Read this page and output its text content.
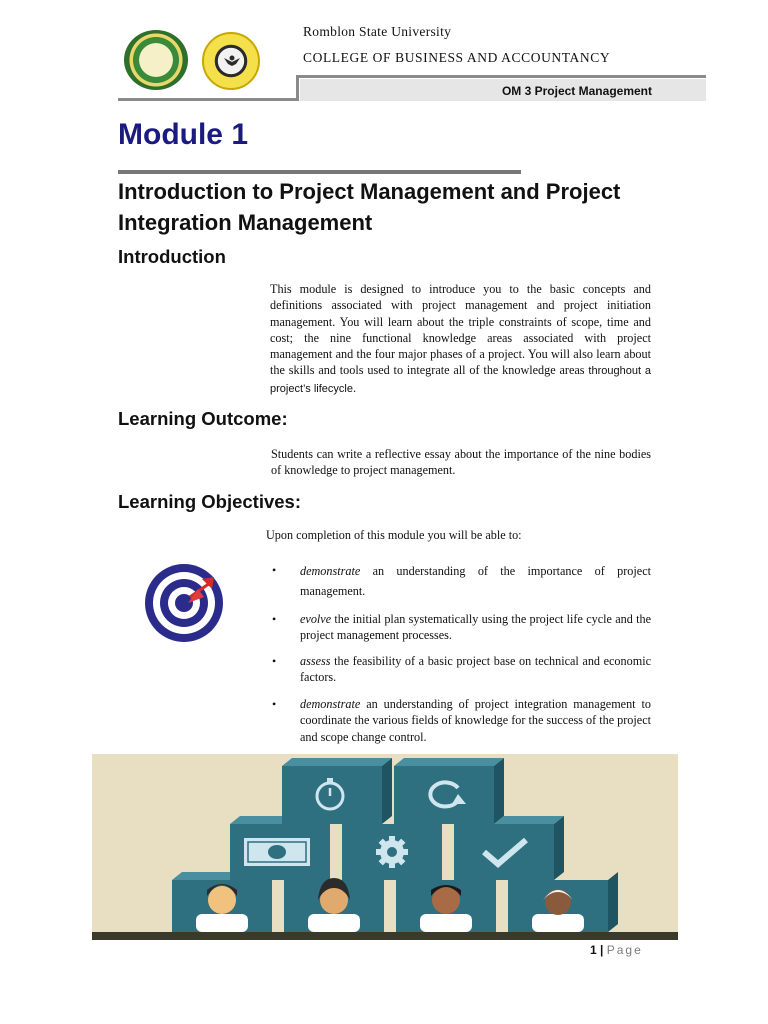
Romblon State University
COLLEGE OF BUSINESS AND ACCOUNTANCY
OM 3 Project Management
Module 1
Introduction to Project Management and Project Integration Management
Introduction
This module is designed to introduce you to the basic concepts and definitions associated with project management and project initiation management. You will learn about the triple constraints of scope, time and cost; the nine functional knowledge areas associated with project management and the four major phases of a project. You will also learn about the skills and tools used to integrate all of the knowledge areas throughout a project’s lifecycle.
Learning Outcome:
Students can write a reflective essay about the importance of the nine bodies of knowledge to project management.
Learning Objectives:
Upon completion of this module you will be able to:
• demonstrate an understanding of the importance of project management.
• evolve the initial plan systematically using the project life cycle and the project management processes.
• assess the feasibility of a basic project base on technical and economic factors.
• demonstrate an understanding of project integration management to coordinate the various fields of knowledge for the success of the project and scope change control.
1 | Page
